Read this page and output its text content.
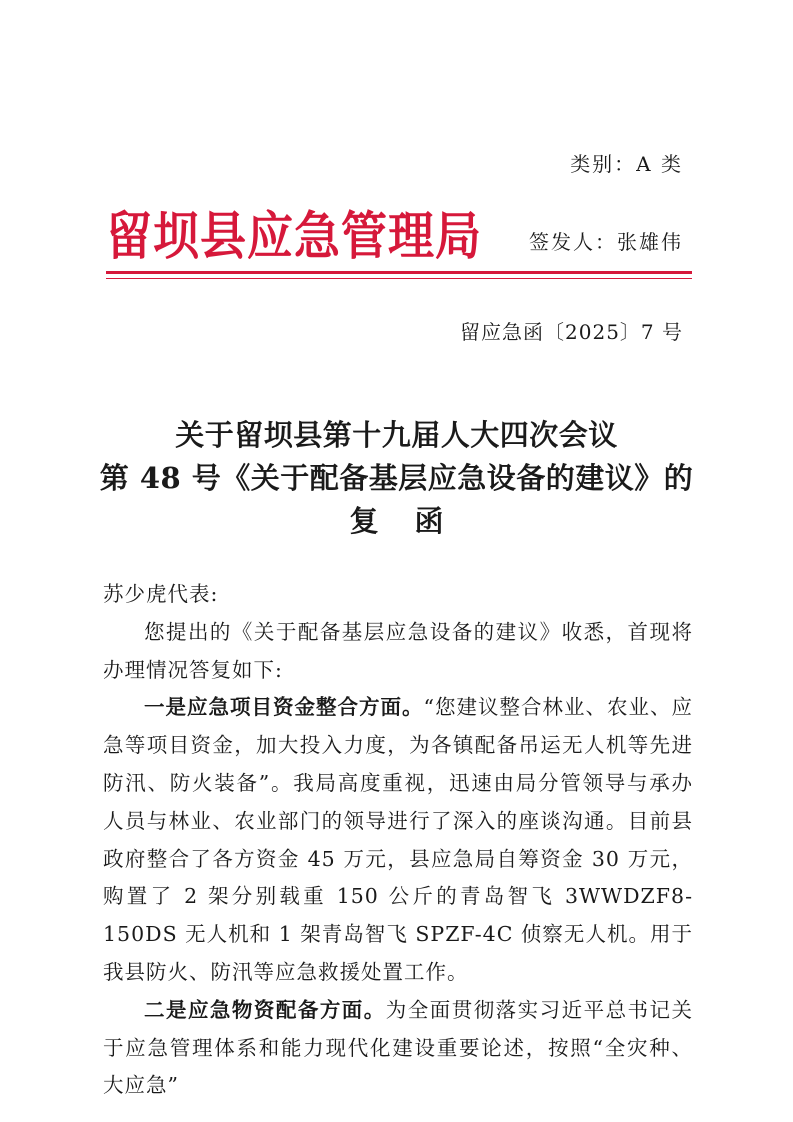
类别：A 类
留坝县应急管理局 签发人：张雄伟
留应急函〔2025〕7 号
关于留坝县第十九届人大四次会议
第 48 号《关于配备基层应急设备的建议》的
复函

苏少虎代表:

您提出的《关于配备基层应急设备的建议》收悉，首现将办理情况答复如下:

一是应急项目资金整合方面。“您建议整合林业、农业、应急等项目资金，加大投入力度，为各镇配备吊运无人机等先进防汛、防火装备”。我局高度重视，迅速由局分管领导与承办人员与林业、农业部门的领导进行了深入的座谈沟通。目前县政府整合了各方资金 45 万元，县应急局自筹资金 30 万元，购置了 2 架分别载重 150 公斤的青岛智飞 3WWDZF8-150DS 无人机和 1 架青岛智飞 SPZF-4C 侦察无人机。用于我县防火、防汛等应急救援处置工作。

二是应急物资配备方面。为全面贯彻落实习近平总书记关于应急管理体系和能力现代化建设重要论述，按照“全灾种、大应急”
